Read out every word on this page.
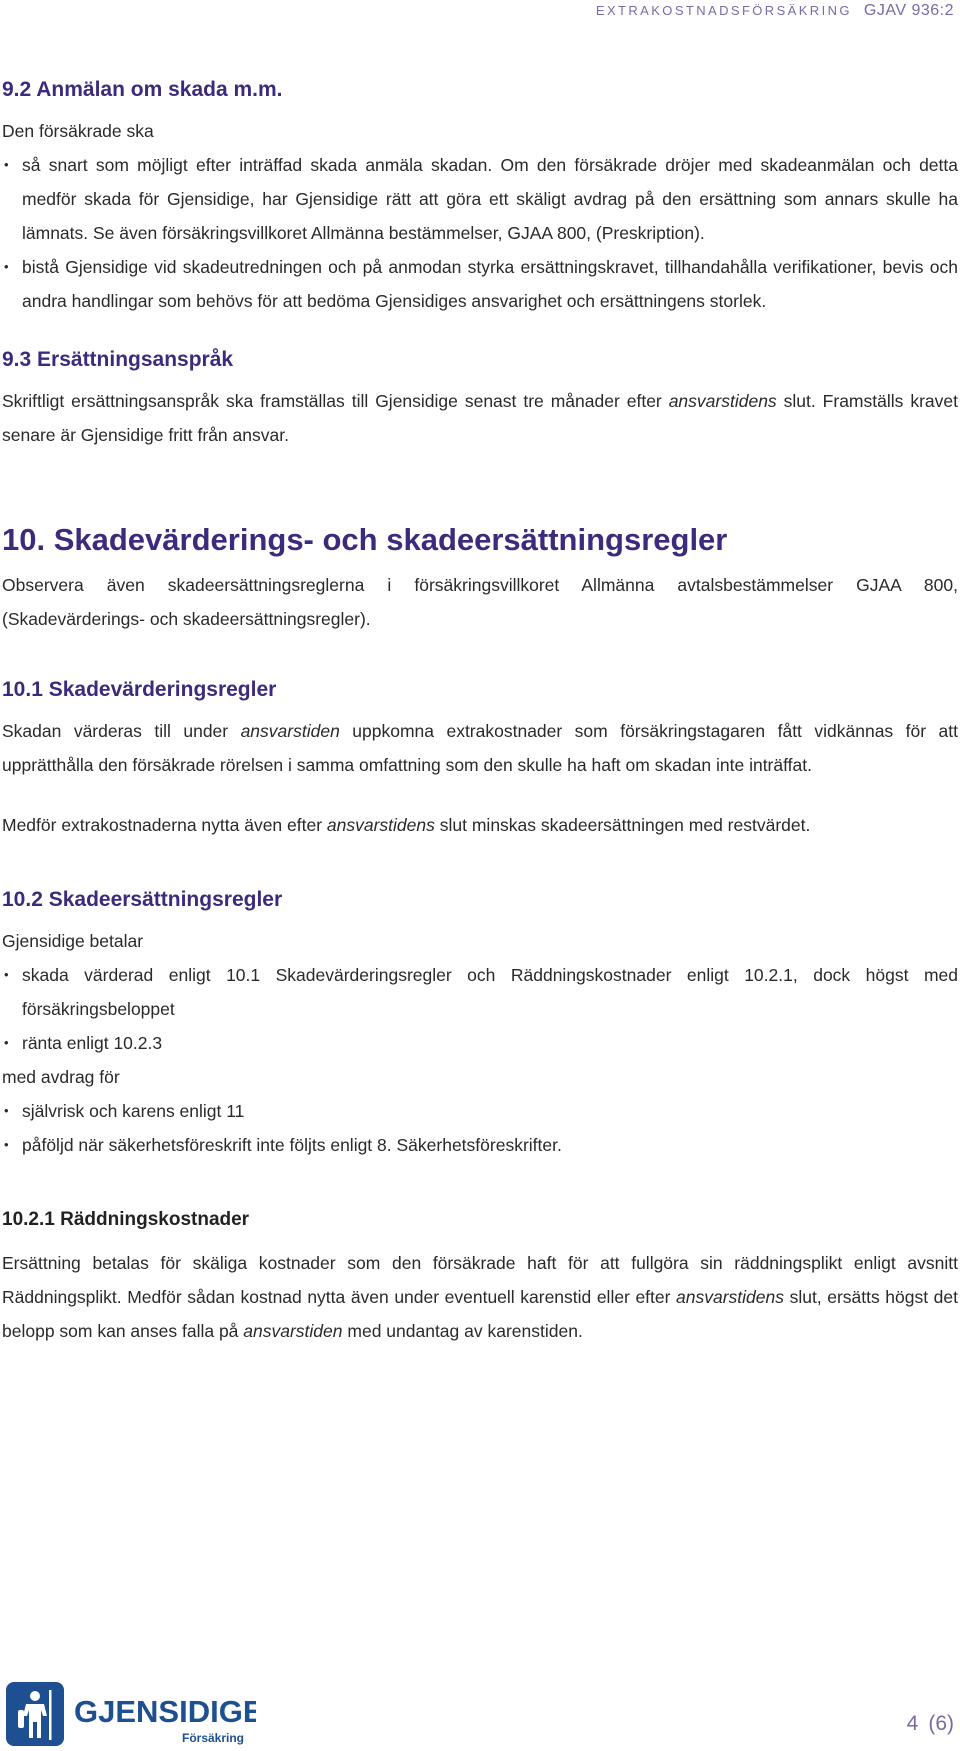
EXTRAKOSTNADSFÖRSÄKRING GJAV 936:2
9.2 Anmälan om skada m.m.

Den försäkrade ska

• så snart som möjligt efter inträffad skada anmäla skadan. Om den försäkrade dröjer med skadeanmälan och detta medför skada för Gjensidige, har Gjensidige rätt att göra ett skäligt avdrag på den ersättning som annars skulle ha lämnats. Se även försäkringsvillkoret Allmänna bestämmelser, GJAA 800, (Preskription).
• bistå Gjensidige vid skadeutredningen och på anmodan styrka ersättningskravet, tillhandahålla verifikationer, bevis och andra handlingar som behövs för att bedöma Gjensidiges ansvarighet och ersättningens storlek.
9.3 Ersättningsanspråk
Skriftligt ersättningsanspråk ska framställas till Gjensidige senast tre månader efter ansvarstidens slut. Framställs kravet senare är Gjensidige fritt från ansvar.
10. Skadevärderings- och skadeersättningsregler

Observera även skadeersättningsreglerna i försäkringsvillkoret Allmänna avtalsbestämmelser GJAA 800, (Skadevärderings- och skadeersättningsregler).

10.1 Skadevärderingsregler
Skadan värderas till under ansvarstiden uppkomna extrakostnader som försäkringstagaren fått vidkännas för att upprätthålla den försäkrade rörelsen i samma omfattning som den skulle ha haft om skadan inte inträffat.
Medför extrakostnaderna nytta även efter ansvarstidens slut minskas skadeersättningen med restvärdet.
10.2 Skadeersättningsregler

Gjensidige betalar

• skada värderad enligt 10.1 Skadevärderingsregler och Räddningskostnader enligt 10.2.1, dock högst med försäkringsbeloppet
• ränta enligt 10.2.3

med avdrag för

• självrisk och karens enligt 11
• påföljd när säkerhetsföreskrift inte följts enligt 8. Säkerhetsföreskrifter.
10.2.1 Räddningskostnader
Ersättning betalas för skäliga kostnader som den försäkrade haft för att fullgöra sin räddningsplikt enligt avsnitt Räddningsplikt. Medför sådan kostnad nytta även under eventuell karenstid eller efter ansvarstidens slut, ersätts högst det belopp som kan anses falla på ansvarstiden med undantag av karenstiden.
GJENSIDIGE
Försäkring
4 (6)
